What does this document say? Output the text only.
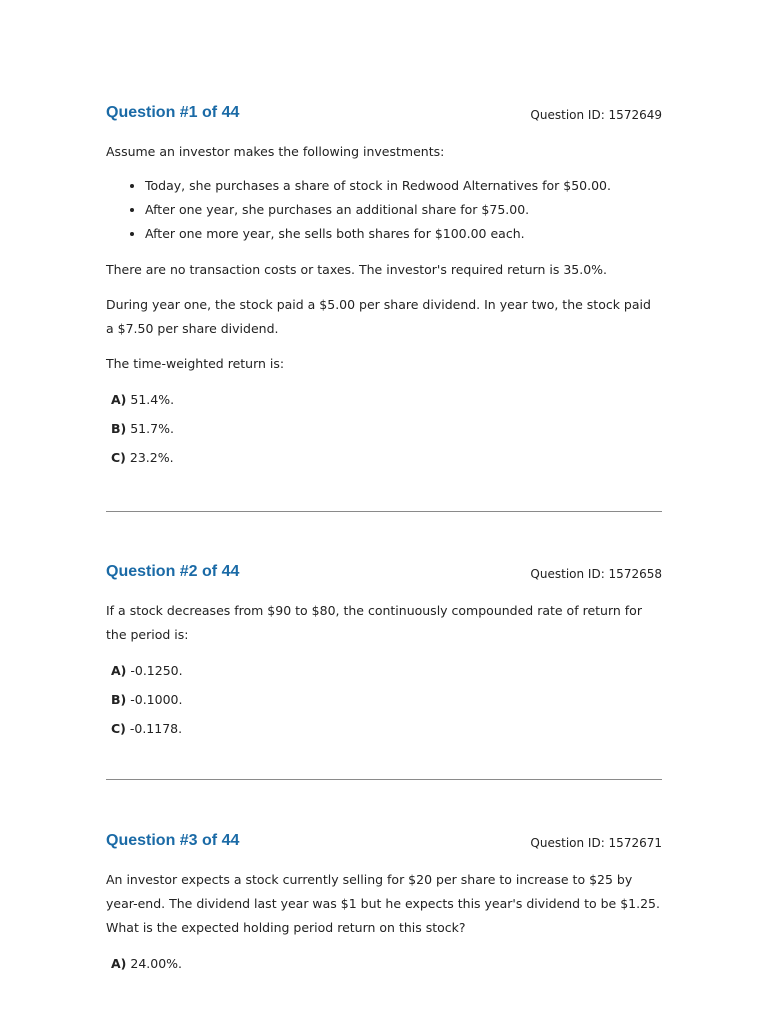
Question #1 of 44	Question ID: 1572649

Assume an investor makes the following investments:

• Today, she purchases a share of stock in Redwood Alternatives for $50.00.
• After one year, she purchases an additional share for $75.00.
• After one more year, she sells both shares for $100.00 each.

There are no transaction costs or taxes. The investor's required return is 35.0%.

During year one, the stock paid a $5.00 per share dividend. In year two, the stock paid a $7.50 per share dividend.

The time-weighted return is:

A) 51.4%.
B) 51.7%.
C) 23.2%.
Question #2 of 44	Question ID: 1572658

If a stock decreases from $90 to $80, the continuously compounded rate of return for the period is:

A) -0.1250.
B) -0.1000.
C) -0.1178.
Question #3 of 44	Question ID: 1572671

An investor expects a stock currently selling for $20 per share to increase to $25 by year-end. The dividend last year was $1 but he expects this year's dividend to be $1.25. What is the expected holding period return on this stock?

A) 24.00%.
